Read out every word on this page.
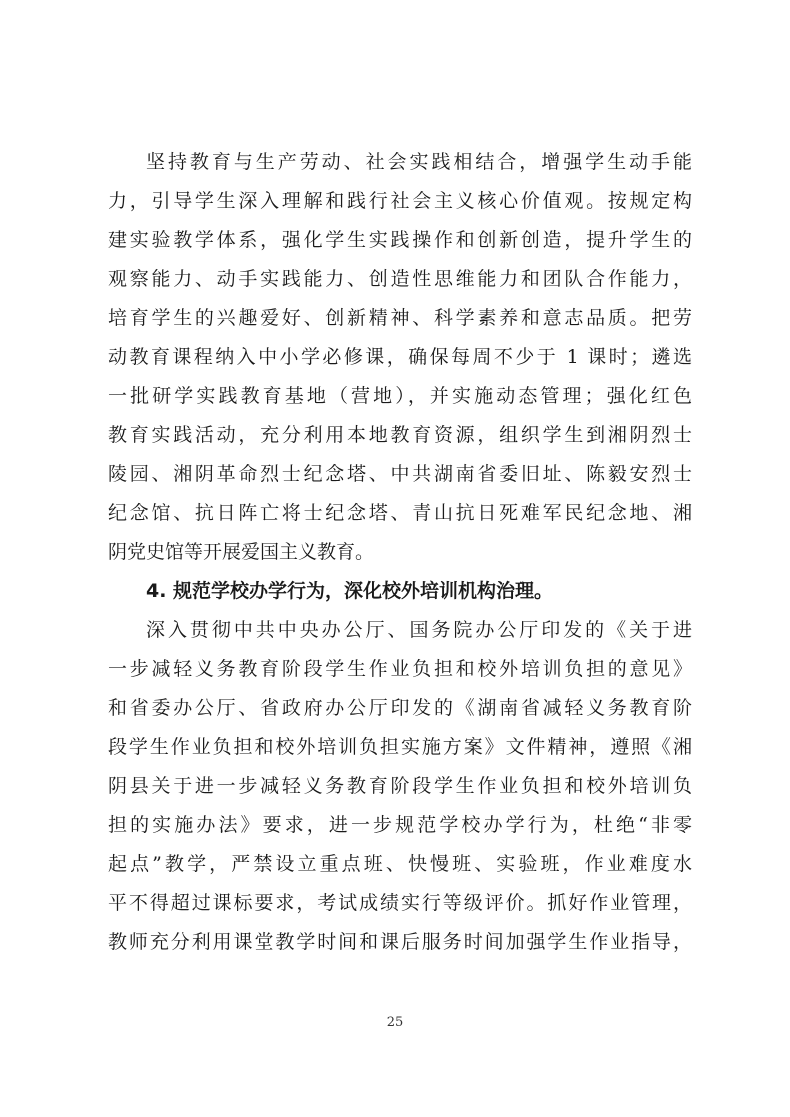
坚持教育与生产劳动、社会实践相结合，增强学生动手能
力，引导学生深入理解和践行社会主义核心价值观。按规定构
建实验教学体系，强化学生实践操作和创新创造，提升学生的
观察能力、动手实践能力、创造性思维能力和团队合作能力，
培育学生的兴趣爱好、创新精神、科学素养和意志品质。把劳
动教育课程纳入中小学必修课，确保每周不少于 1 课时；遴选
一批研学实践教育基地（营地），并实施动态管理；强化红色
教育实践活动，充分利用本地教育资源，组织学生到湘阴烈士
陵园、湘阴革命烈士纪念塔、中共湖南省委旧址、陈毅安烈士
纪念馆、抗日阵亡将士纪念塔、青山抗日死难军民纪念地、湘
阴党史馆等开展爱国主义教育。
4. 规范学校办学行为，深化校外培训机构治理。
深入贯彻中共中央办公厅、国务院办公厅印发的《关于进
一步减轻义务教育阶段学生作业负担和校外培训负担的意见》
和省委办公厅、省政府办公厅印发的《湖南省减轻义务教育阶
段学生作业负担和校外培训负担实施方案》文件精神，遵照《湘
阴县关于进一步减轻义务教育阶段学生作业负担和校外培训负
担的实施办法》要求，进一步规范学校办学行为，杜绝“非零
起点”教学，严禁设立重点班、快慢班、实验班，作业难度水
平不得超过课标要求，考试成绩实行等级评价。抓好作业管理，
教师充分利用课堂教学时间和课后服务时间加强学生作业指导，
25
